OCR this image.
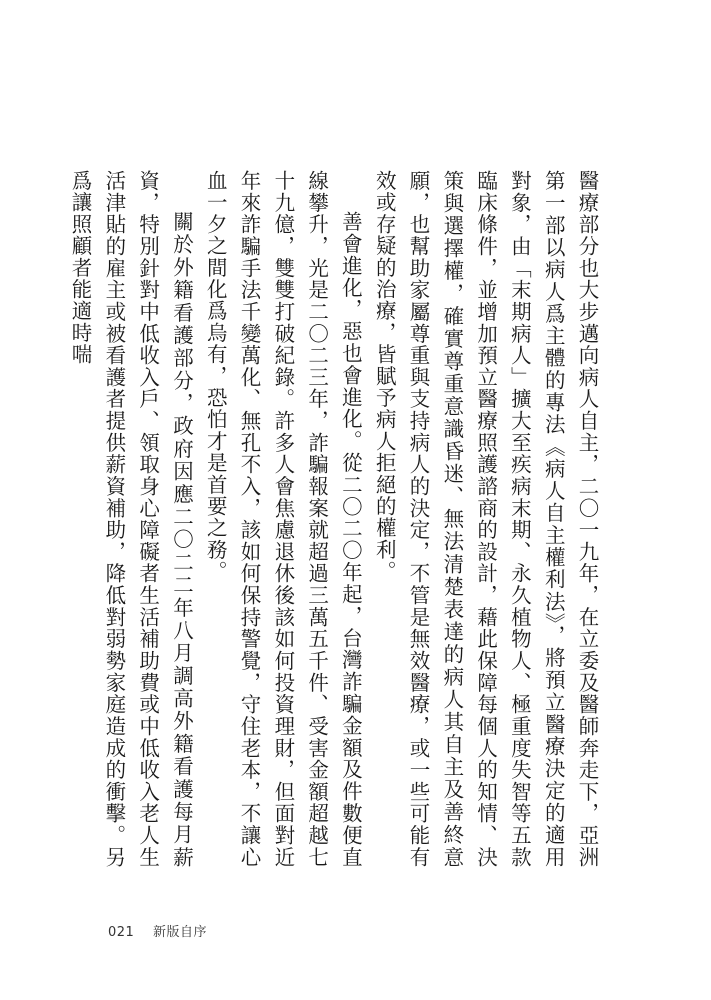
醫療部分也大步邁向病人自主，二〇一九年，在立委及醫師奔走下，亞洲第一部以病人爲主體的專法《病人自主權利法》，將預立醫療決定的適用對象，由「末期病人」擴大至疾病末期、永久植物人、極重度失智等五款臨床條件，並增加預立醫療照護諮商的設計，藉此保障每個人的知情、決策與選擇權，確實尊重意識昏迷、無法清楚表達的病人其自主及善終意願，也幫助家屬尊重與支持病人的決定，不管是無效醫療，或一些可能有效或存疑的治療，皆賦予病人拒絕的權利。

善會進化，惡也會進化。從二〇二〇年起，台灣詐騙金額及件數便直線攀升，光是二〇二三年，詐騙報案就超過三萬五千件、受害金額超越七十九億，雙雙打破紀錄。許多人會焦慮退休後該如何投資理財，但面對近年來詐騙手法千變萬化、無孔不入，該如何保持警覺，守住老本，不讓心血一夕之間化爲烏有，恐怕才是首要之務。

關於外籍看護部分，政府因應二〇二二年八月調高外籍看護每月薪資，特別針對中低收入戶、領取身心障礙者生活補助費或中低收入老人生活津貼的雇主或被看護者提供薪資補助，降低對弱勢家庭造成的衝擊。另爲讓照顧者能適時喘

021 新版自序
